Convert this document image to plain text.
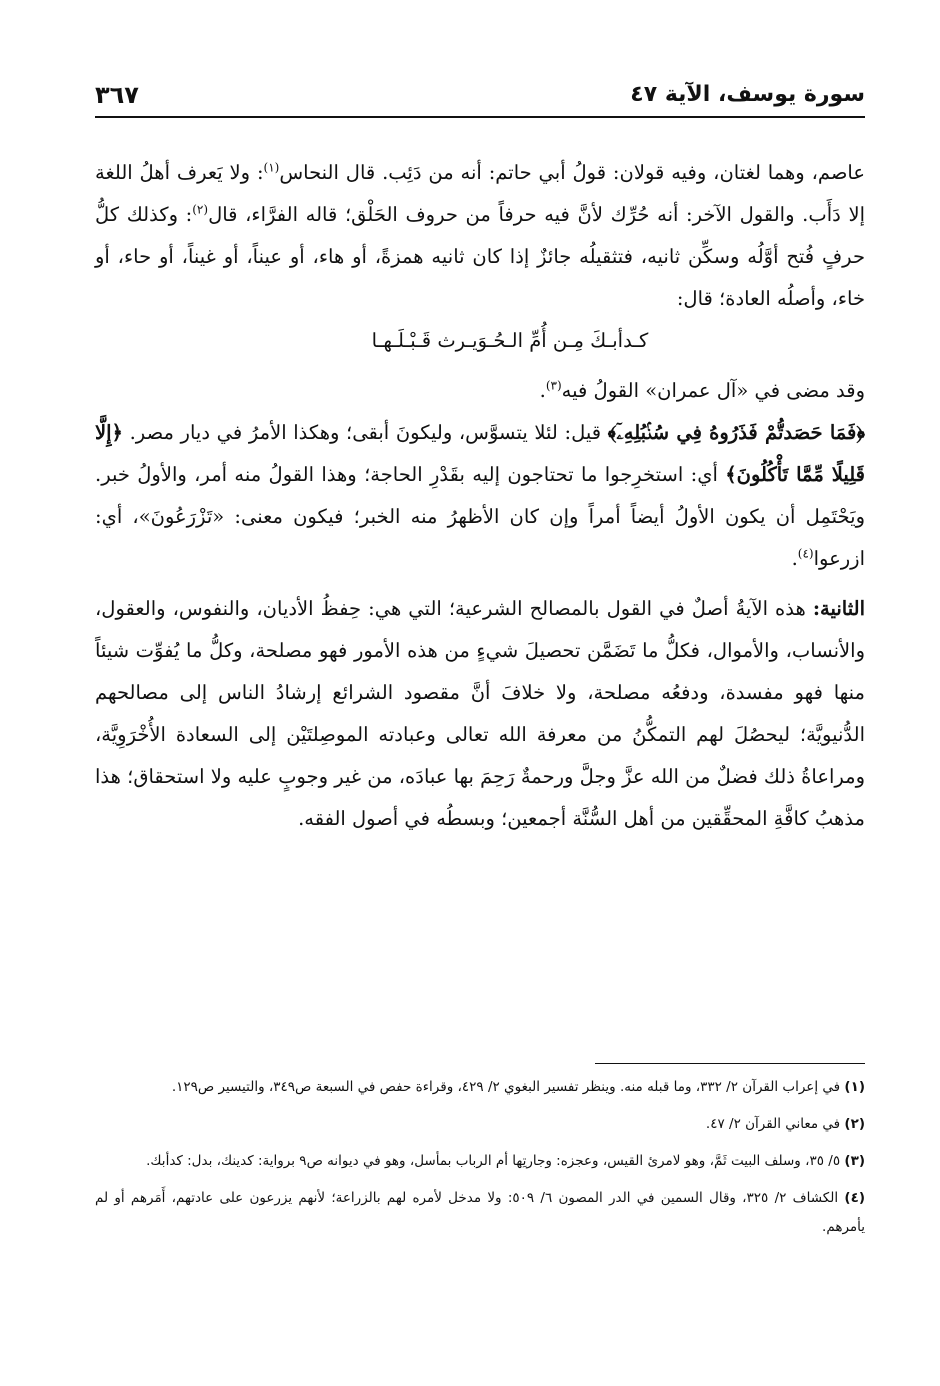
سورة يوسف، الآية ٤٧
٣٦٧

عاصم، وهما لغتان، وفيه قولان: قولُ أبي حاتم: أنه من دَئِب. قال النحاس$^{(١)}$: ولا يَعرف أهلُ اللغة إلا دَأَب. والقول الآخر: أنه حُرِّك لأنَّ فيه حرفاً من حروف الحَلْق؛ قاله الفرَّاء، قال$^{(٢)}$: وكذلك كلُّ حرفٍ فُتح أوَّلُه وسكِّن ثانيه، فتثقيلُه جائزٌ إذا كان ثانيه همزةً، أو هاء، أو عيناً، أو غيناً، أو حاء، أو خاء، وأصلُه العادة؛ قال:

كـدأبـكَ مِـن أُمِّ الـحُـوَيـرث قَـبْـلَـهـا

وقد مضى في «آل عمران» القولُ فيه$^{(٣)}$.

﴿فَمَا حَصَدتُّمْ فَذَرُوهُ فِي سُنۢبُلِهِۦٓ﴾ قيل: لئلا يتسوَّس، وليكونَ أبقى؛ وهكذا الأمرُ في ديار مصر. ﴿إِلَّا قَلِيلًا مِّمَّا تَأْكُلُونَ﴾ أي: استخرِجوا ما تحتاجون إليه بقَدْرِ الحاجة؛ وهذا القولُ منه أمر، والأولُ خبر. ويَحْتَمِل أن يكون الأولُ أيضاً أمراً وإن كان الأظهرُ منه الخبر؛ فيكون معنى: «تَزْرَعُونَ»، أي: ازرعوا$^{(٤)}$.

الثانية: هذه الآيةُ أصلٌ في القول بالمصالح الشرعية؛ التي هي: حِفظُ الأديان، والنفوس، والعقول، والأنساب، والأموال، فكلُّ ما تَضَمَّن تحصيلَ شيءٍ من هذه الأمور فهو مصلحة، وكلُّ ما يُفوِّت شيئاً منها فهو مفسدة، ودفعُه مصلحة، ولا خلافَ أنَّ مقصود الشرائع إرشادُ الناس إلى مصالحهم الدُّنيويَّة؛ ليحصُلَ لهم التمكُّنُ من معرفة الله تعالى وعبادته الموصِلتَيْن إلى السعادة الأُخْرَوِيَّة، ومراعاةُ ذلك فضلٌ من الله عزَّ وجلَّ ورحمةٌ رَحِمَ بها عبادَه، من غير وجوبٍ عليه ولا استحقاق؛ هذا مذهبُ كافَّةِ المحقِّقين من أهل السُّنَّة أجمعين؛ وبسطُه في أصول الفقه.

(١) في إعراب القرآن ٢/ ٣٣٢، وما قبله منه. وينظر تفسير البغوي ٢/ ٤٢٩، وقراءة حفص في السبعة ص٣٤٩، والتيسير ص١٢٩.

(٢) في معاني القرآن ٢/ ٤٧.

(٣) ٥/ ٣٥، وسلف البيت ثَمَّ، وهو لامرئ القيس، وعجزه: وجارتِها أم الرباب بمأسل، وهو في ديوانه ص٩ برواية: كدينك، بدل: كدأبك.

(٤) الكشاف ٢/ ٣٢٥، وقال السمين في الدر المصون ٦/ ٥٠٩: ولا مدخل لأمره لهم بالزراعة؛ لأنهم يزرعون على عادتهم، أَمَرهم أو لم يأمرهم.
